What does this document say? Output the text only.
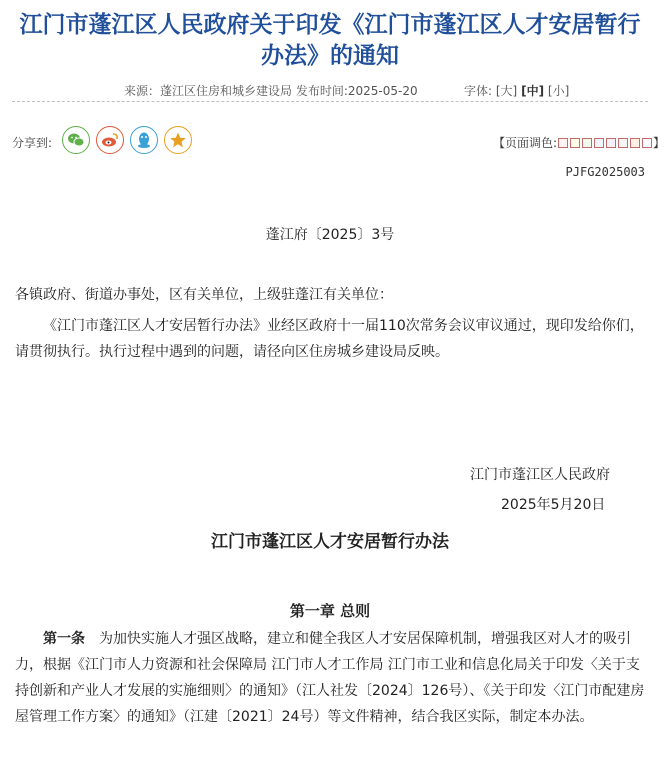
江门市蓬江区人民政府关于印发《江门市蓬江区人才安居暂行办法》的通知
来源：蓬江区住房和城乡建设局 发布时间:2025-05-20	字体: [大] [中] [小]
分享到:	【页面调色:	】
PJFG2025003
蓬江府〔2025〕3号
各镇政府、街道办事处，区有关单位，上级驻蓬江有关单位：
《江门市蓬江区人才安居暂行办法》业经区政府十一届110次常务会议审议通过，现印发给你们，请贯彻执行。执行过程中遇到的问题，请径向区住房城乡建设局反映。
江门市蓬江区人民政府
2025年5月20日
江门市蓬江区人才安居暂行办法
第一章 总则
第一条　为加快实施人才强区战略，建立和健全我区人才安居保障机制，增强我区对人才的吸引力，根据《江门市人力资源和社会保障局 江门市人才工作局 江门市工业和信息化局关于印发〈关于支持创新和产业人才发展的实施细则〉的通知》（江人社发〔2024〕126号）、《关于印发〈江门市配建房屋管理工作方案〉的通知》（江建〔2021〕24号）等文件精神，结合我区实际，制定本办法。
